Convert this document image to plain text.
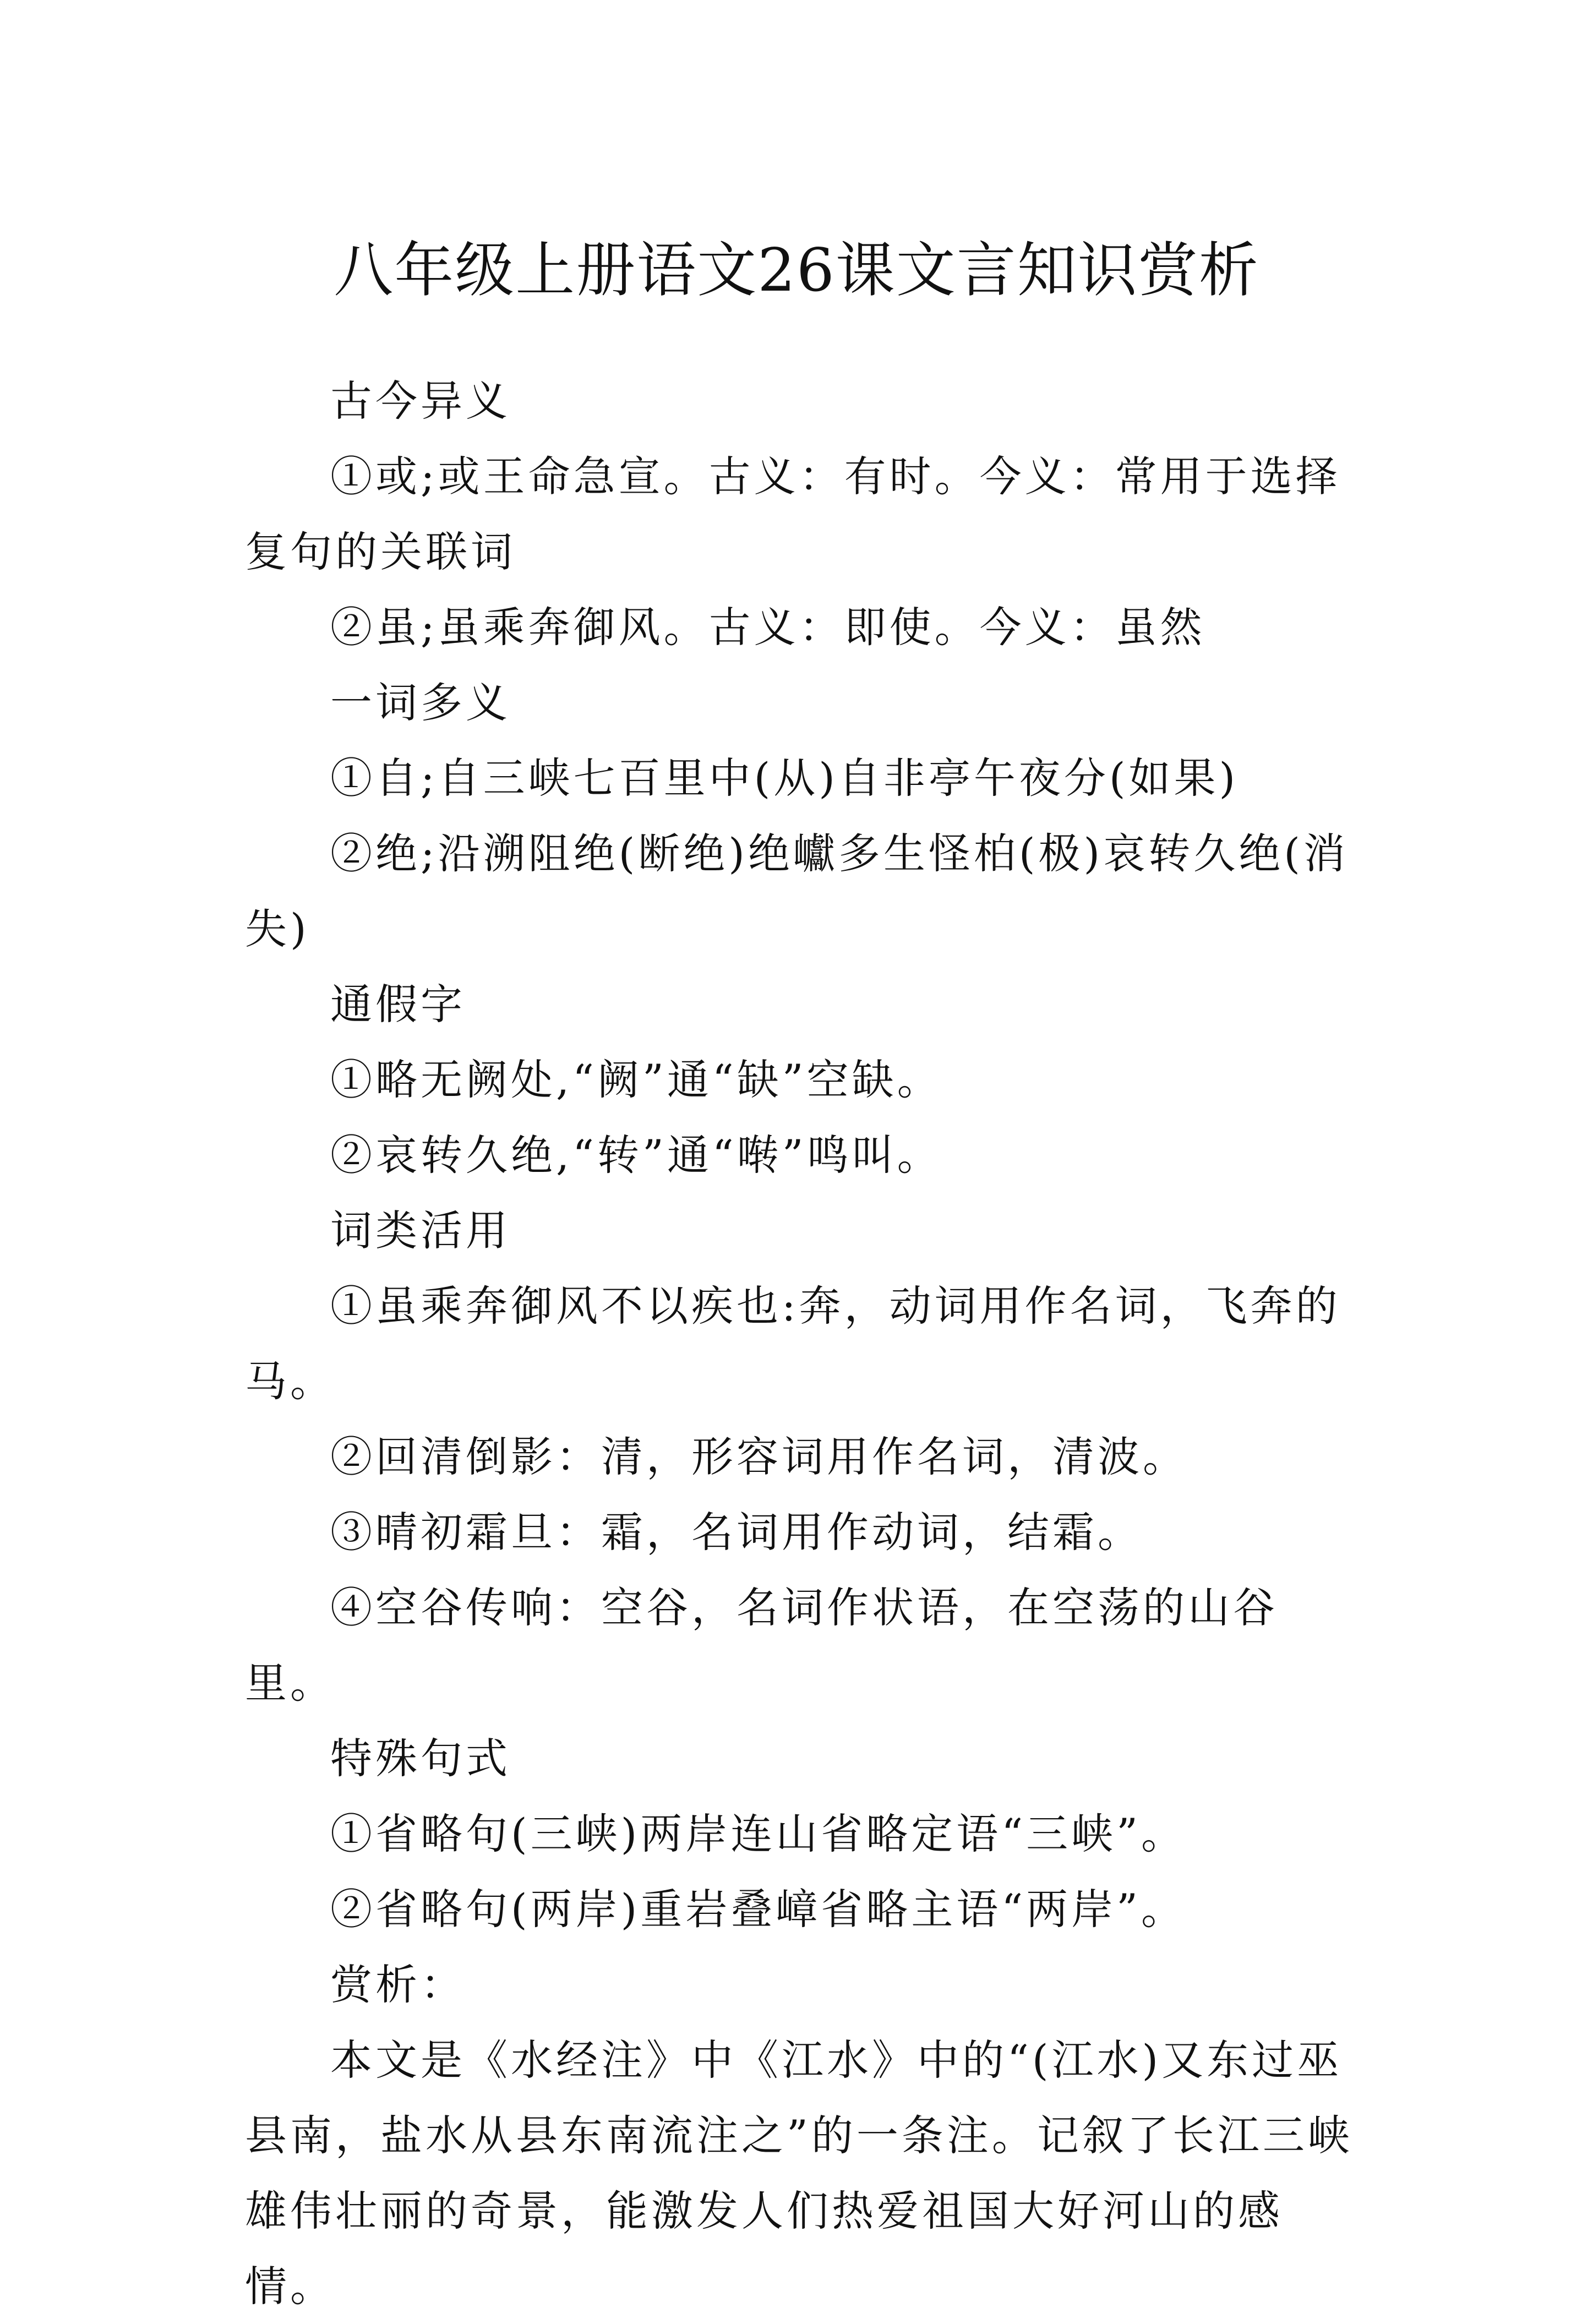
八年级上册语文26课文言知识赏析

古今异义

①或;或王命急宣。古义：有时。今义：常用于选择复句的关联词

②虽;虽乘奔御风。古义：即使。今义：虽然

一词多义

①自;自三峡七百里中(从)自非亭午夜分(如果)

②绝;沿溯阻绝(断绝)绝巘多生怪柏(极)哀转久绝(消失)

通假字

①略无阙处,“阙”通“缺”空缺。

②哀转久绝,“转”通“啭”鸣叫。

词类活用

①虽乘奔御风不以疾也:奔，动词用作名词，飞奔的马。

②回清倒影：清，形容词用作名词，清波。

③晴初霜旦：霜，名词用作动词，结霜。

④空谷传响：空谷，名词作状语，在空荡的山谷里。

特殊句式

①省略句(三峡)两岸连山省略定语“三峡”。

②省略句(两岸)重岩叠嶂省略主语“两岸”。

赏析：

本文是《水经注》中《江水》中的“(江水)又东过巫县南，盐水从县东南流注之”的一条注。记叙了长江三峡雄伟壮丽的奇景，能激发人们热爱祖国大好河山的感情。
